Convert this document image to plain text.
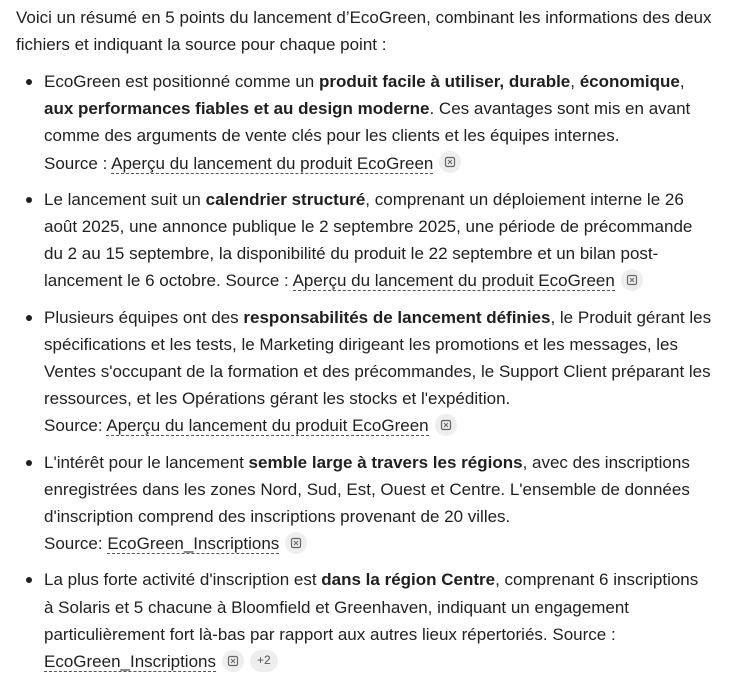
Voici un résumé en 5 points du lancement d’EcoGreen, combinant les informations des deux fichiers et indiquant la source pour chaque point :

EcoGreen est positionné comme un produit facile à utiliser, durable, économique, aux performances fiables et au design moderne. Ces avantages sont mis en avant comme des arguments de vente clés pour les clients et les équipes internes.
Source : Aperçu du lancement du produit EcoGreen
Le lancement suit un calendrier structuré, comprenant un déploiement interne le 26 août 2025, une annonce publique le 2 septembre 2025, une période de précommande du 2 au 15 septembre, la disponibilité du produit le 22 septembre et un bilan post-lancement le 6 octobre. Source : Aperçu du lancement du produit EcoGreen
Plusieurs équipes ont des responsabilités de lancement définies, le Produit gérant les spécifications et les tests, le Marketing dirigeant les promotions et les messages, les Ventes s'occupant de la formation et des précommandes, le Support Client préparant les ressources, et les Opérations gérant les stocks et l'expédition.
Source: Aperçu du lancement du produit EcoGreen
L'intérêt pour le lancement semble large à travers les régions, avec des inscriptions enregistrées dans les zones Nord, Sud, Est, Ouest et Centre. L'ensemble de données d'inscription comprend des inscriptions provenant de 20 villes.
Source: EcoGreen_Inscriptions
La plus forte activité d'inscription est dans la région Centre, comprenant 6 inscriptions à Solaris et 5 chacune à Bloomfield et Greenhaven, indiquant un engagement particulièrement fort là-bas par rapport aux autres lieux répertoriés. Source : EcoGreen_Inscriptions	+2
